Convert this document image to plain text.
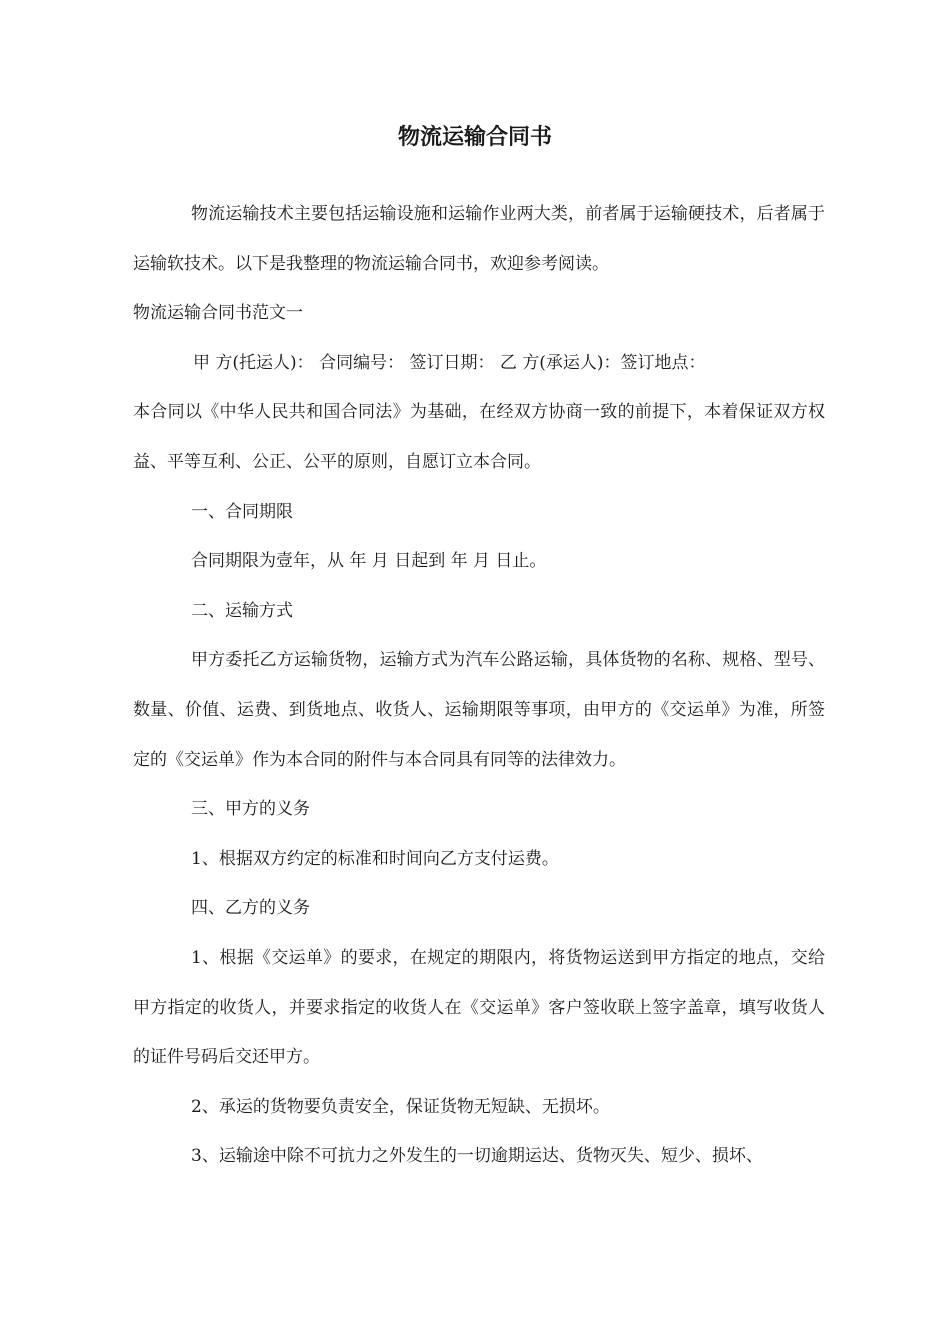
物流运输合同书

物流运输技术主要包括运输设施和运输作业两大类，前者属于运输硬技术，后者属于运输软技术。以下是我整理的物流运输合同书，欢迎参考阅读。

物流运输合同书范文一

甲 方(托运人)： 合同编号： 签订日期： 乙 方(承运人)：签订地点：

本合同以《中华人民共和国合同法》为基础，在经双方协商一致的前提下，本着保证双方权益、平等互利、公正、公平的原则，自愿订立本合同。

一、合同期限

合同期限为壹年，从 年 月 日起到 年 月 日止。

二、运输方式

甲方委托乙方运输货物，运输方式为汽车公路运输，具体货物的名称、规格、型号、数量、价值、运费、到货地点、收货人、运输期限等事项，由甲方的《交运单》为准，所签定的《交运单》作为本合同的附件与本合同具有同等的法律效力。

三、甲方的义务

1、根据双方约定的标准和时间向乙方支付运费。

四、乙方的义务

1、根据《交运单》的要求，在规定的期限内，将货物运送到甲方指定的地点，交给甲方指定的收货人，并要求指定的收货人在《交运单》客户签收联上签字盖章，填写收货人的证件号码后交还甲方。

2、承运的货物要负责安全，保证货物无短缺、无损坏。

3、运输途中除不可抗力之外发生的一切逾期运达、货物灭失、短少、损坏、
